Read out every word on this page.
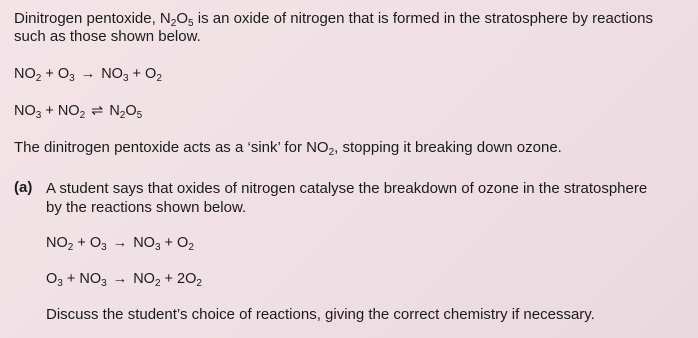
Dinitrogen pentoxide, $N_2O_5$ is an oxide of nitrogen that is formed in the stratosphere by reactions
such as those shown below.
$NO_2 + O_3 \to NO_3 + O_2$
$NO_3 + NO_2$ ⇌ $N_2O_5$
The dinitrogen pentoxide acts as a ‘sink’ for $NO_2$, stopping it breaking down ozone.
(a) A student says that oxides of nitrogen catalyse the breakdown of ozone in the stratosphere
by the reactions shown below.
$NO_2 + O_3 \to NO_3 + O_2$
$O_3 + NO_3 \to NO_2 + 2O_2$
Discuss the student’s choice of reactions, giving the correct chemistry if necessary.
